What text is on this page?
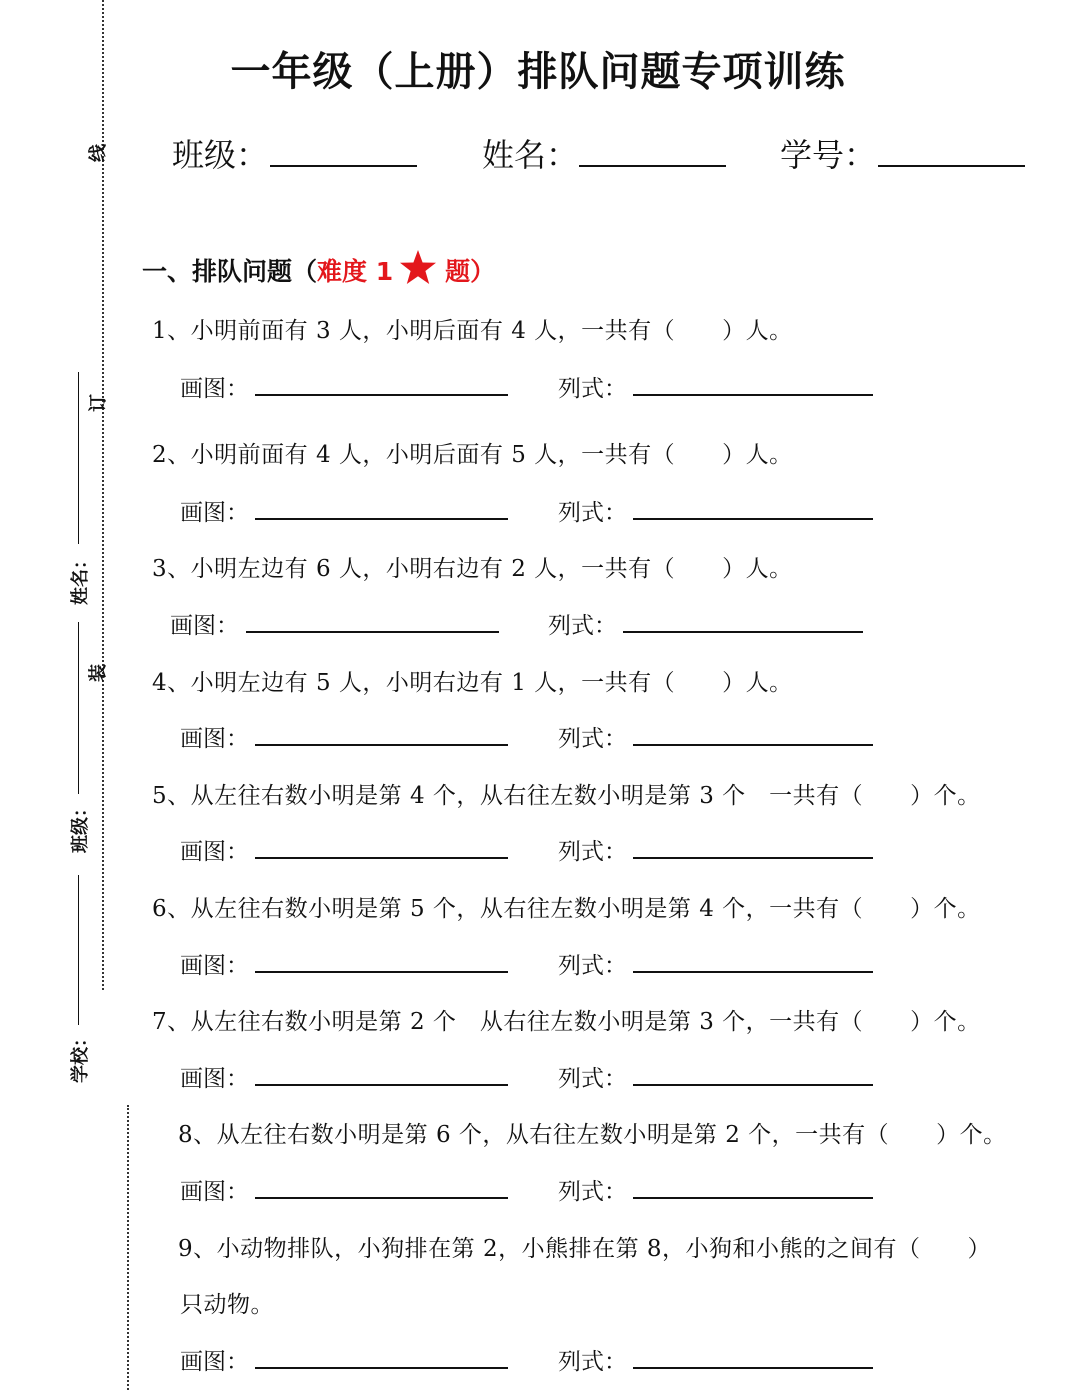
一年级（上册）排队问题专项训练
班级：	姓名：	学号：
线
订
装
姓名：
班级：
学校：
一、排队问题（难度 1 题）
1、小明前面有 3 人，小明后面有 4 人，一共有（　　）人。
画图：	列式：
2、小明前面有 4 人，小明后面有 5 人，一共有（　　）人。
画图：	列式：
3、小明左边有 6 人，小明右边有 2 人，一共有（　　）人。
画图：	列式：
4、小明左边有 5 人，小明右边有 1 人，一共有（　　）人。
画图：	列式：
5、从左往右数小明是第 4 个，从右往左数小明是第 3 个　一共有（　　）个。
画图：	列式：
6、从左往右数小明是第 5 个，从右往左数小明是第 4 个，一共有（　　）个。
画图：	列式：
7、从左往右数小明是第 2 个　从右往左数小明是第 3 个，一共有（　　）个。
画图：	列式：
8、从左往右数小明是第 6 个，从右往左数小明是第 2 个，一共有（　　）个。
画图：	列式：
9、小动物排队，小狗排在第 2，小熊排在第 8，小狗和小熊的之间有（　　）
只动物。
画图：	列式：
